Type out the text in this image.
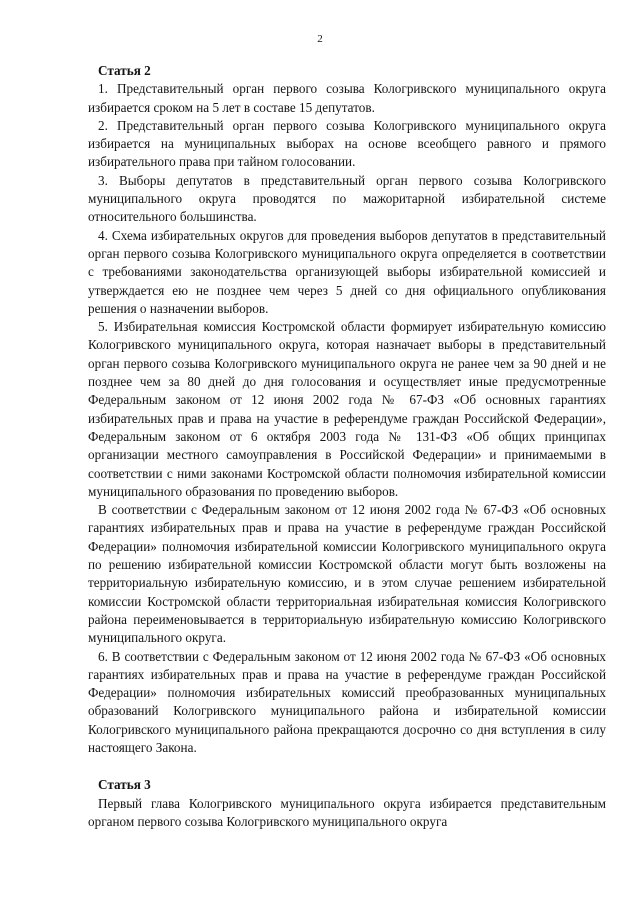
2

Статья 2

1. Представительный орган первого созыва Кологривского муниципального округа избирается сроком на 5 лет в составе 15 депутатов.

2. Представительный орган первого созыва Кологривского муниципального округа избирается на муниципальных выборах на основе всеобщего равного и прямого избирательного права при тайном голосовании.

3. Выборы депутатов в представительный орган первого созыва Кологривского муниципального округа проводятся по мажоритарной избирательной системе относительного большинства.

4. Схема избирательных округов для проведения выборов депутатов в представительный орган первого созыва Кологривского муниципального округа определяется в соответствии с требованиями законодательства организующей выборы избирательной комиссией и утверждается ею не позднее чем через 5 дней со дня официального опубликования решения о назначении выборов.

5. Избирательная комиссия Костромской области формирует избирательную комиссию Кологривского муниципального округа, которая назначает выборы в представительный орган первого созыва Кологривского муниципального округа не ранее чем за 90 дней и не позднее чем за 80 дней до дня голосования и осуществляет иные предусмотренные Федеральным законом от 12 июня 2002 года № 67-ФЗ «Об основных гарантиях избирательных прав и права на участие в референдуме граждан Российской Федерации», Федеральным законом от 6 октября 2003 года № 131-ФЗ «Об общих принципах организации местного самоуправления в Российской Федерации» и принимаемыми в соответствии с ними законами Костромской области полномочия избирательной комиссии муниципального образования по проведению выборов.

В соответствии с Федеральным законом от 12 июня 2002 года № 67-ФЗ «Об основных гарантиях избирательных прав и права на участие в референдуме граждан Российской Федерации» полномочия избирательной комиссии Кологривского муниципального округа по решению избирательной комиссии Костромской области могут быть возложены на территориальную избирательную комиссию, и в этом случае решением избирательной комиссии Костромской области территориальная избирательная комиссия Кологривского района переименовывается в территориальную избирательную комиссию Кологривского муниципального округа.

6. В соответствии с Федеральным законом от 12 июня 2002 года № 67-ФЗ «Об основных гарантиях избирательных прав и права на участие в референдуме граждан Российской Федерации» полномочия избирательных комиссий преобразованных муниципальных образований Кологривского муниципального района и избирательной комиссии Кологривского муниципального района прекращаются досрочно со дня вступления в силу настоящего Закона.

Статья 3

Первый глава Кологривского муниципального округа избирается представительным органом первого созыва Кологривского муниципального округа
